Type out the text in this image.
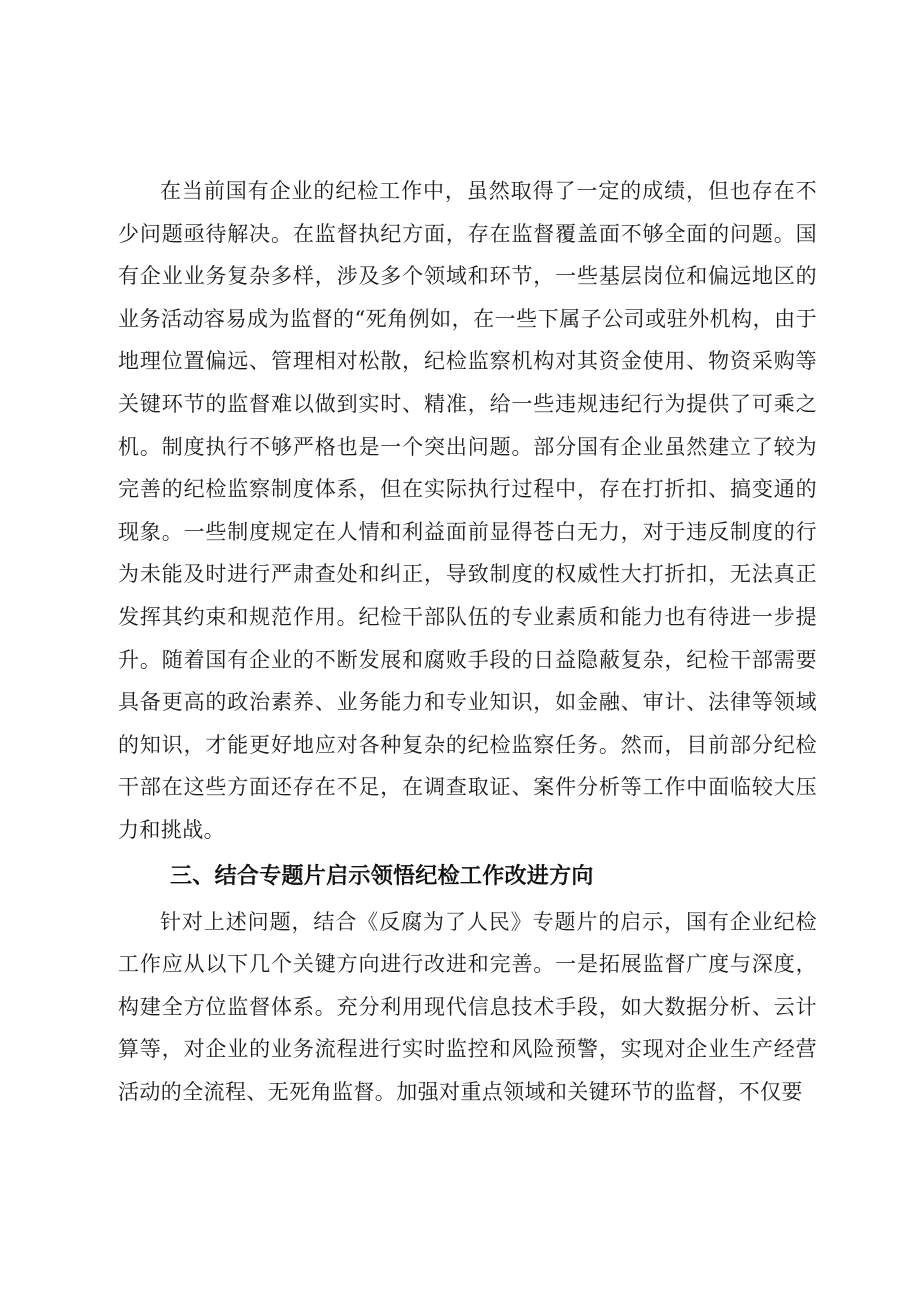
在当前国有企业的纪检工作中，虽然取得了一定的成绩，但也存在不少问题亟待解决。在监督执纪方面，存在监督覆盖面不够全面的问题。国有企业业务复杂多样，涉及多个领域和环节，一些基层岗位和偏远地区的业务活动容易成为监督的“死角例如，在一些下属子公司或驻外机构，由于地理位置偏远、管理相对松散，纪检监察机构对其资金使用、物资采购等关键环节的监督难以做到实时、精准，给一些违规违纪行为提供了可乘之机。制度执行不够严格也是一个突出问题。部分国有企业虽然建立了较为完善的纪检监察制度体系，但在实际执行过程中，存在打折扣、搞变通的现象。一些制度规定在人情和利益面前显得苍白无力，对于违反制度的行为未能及时进行严肃查处和纠正，导致制度的权威性大打折扣，无法真正发挥其约束和规范作用。纪检干部队伍的专业素质和能力也有待进一步提升。随着国有企业的不断发展和腐败手段的日益隐蔽复杂，纪检干部需要具备更高的政治素养、业务能力和专业知识，如金融、审计、法律等领域的知识，才能更好地应对各种复杂的纪检监察任务。然而，目前部分纪检干部在这些方面还存在不足，在调查取证、案件分析等工作中面临较大压力和挑战。

三、结合专题片启示领悟纪检工作改进方向

针对上述问题，结合《反腐为了人民》专题片的启示，国有企业纪检工作应从以下几个关键方向进行改进和完善。一是拓展监督广度与深度，构建全方位监督体系。充分利用现代信息技术手段，如大数据分析、云计算等，对企业的业务流程进行实时监控和风险预警，实现对企业生产经营活动的全流程、无死角监督。加强对重点领域和关键环节的监督，不仅要
